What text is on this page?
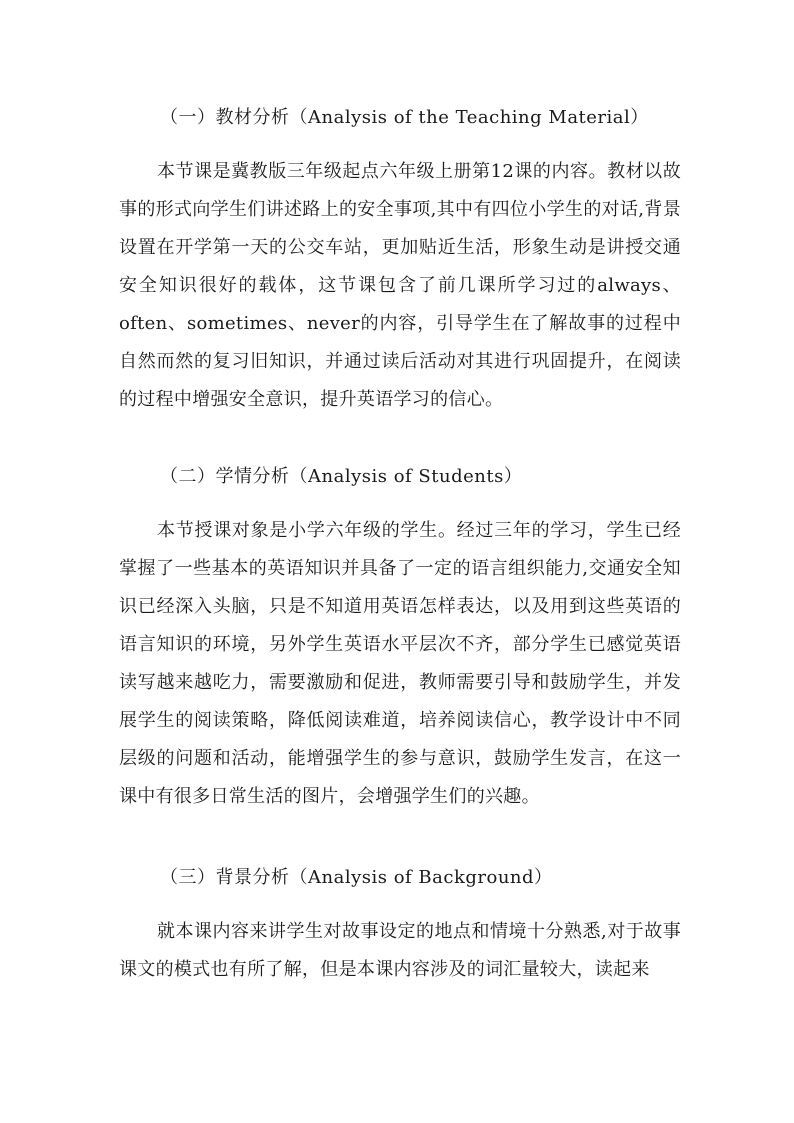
（一）教材分析（Analysis of the Teaching Material）
本节课是冀教版三年级起点六年级上册第12课的内容。教材以故事的形式向学生们讲述路上的安全事项,其中有四位小学生的对话,背景设置在开学第一天的公交车站，更加贴近生活，形象生动是讲授交通安全知识很好的载体，这节课包含了前几课所学习过的always、often、sometimes、never的内容，引导学生在了解故事的过程中自然而然的复习旧知识，并通过读后活动对其进行巩固提升，在阅读的过程中增强安全意识，提升英语学习的信心。
（二）学情分析（Analysis of Students）
本节授课对象是小学六年级的学生。经过三年的学习，学生已经掌握了一些基本的英语知识并具备了一定的语言组织能力,交通安全知识已经深入头脑，只是不知道用英语怎样表达，以及用到这些英语的语言知识的环境，另外学生英语水平层次不齐，部分学生已感觉英语读写越来越吃力，需要激励和促进，教师需要引导和鼓励学生，并发展学生的阅读策略，降低阅读难道，培养阅读信心，教学设计中不同层级的问题和活动，能增强学生的参与意识，鼓励学生发言，在这一课中有很多日常生活的图片，会增强学生们的兴趣。
（三）背景分析（Analysis of Background）
就本课内容来讲学生对故事设定的地点和情境十分熟悉,对于故事课文的模式也有所了解，但是本课内容涉及的词汇量较大，读起来
